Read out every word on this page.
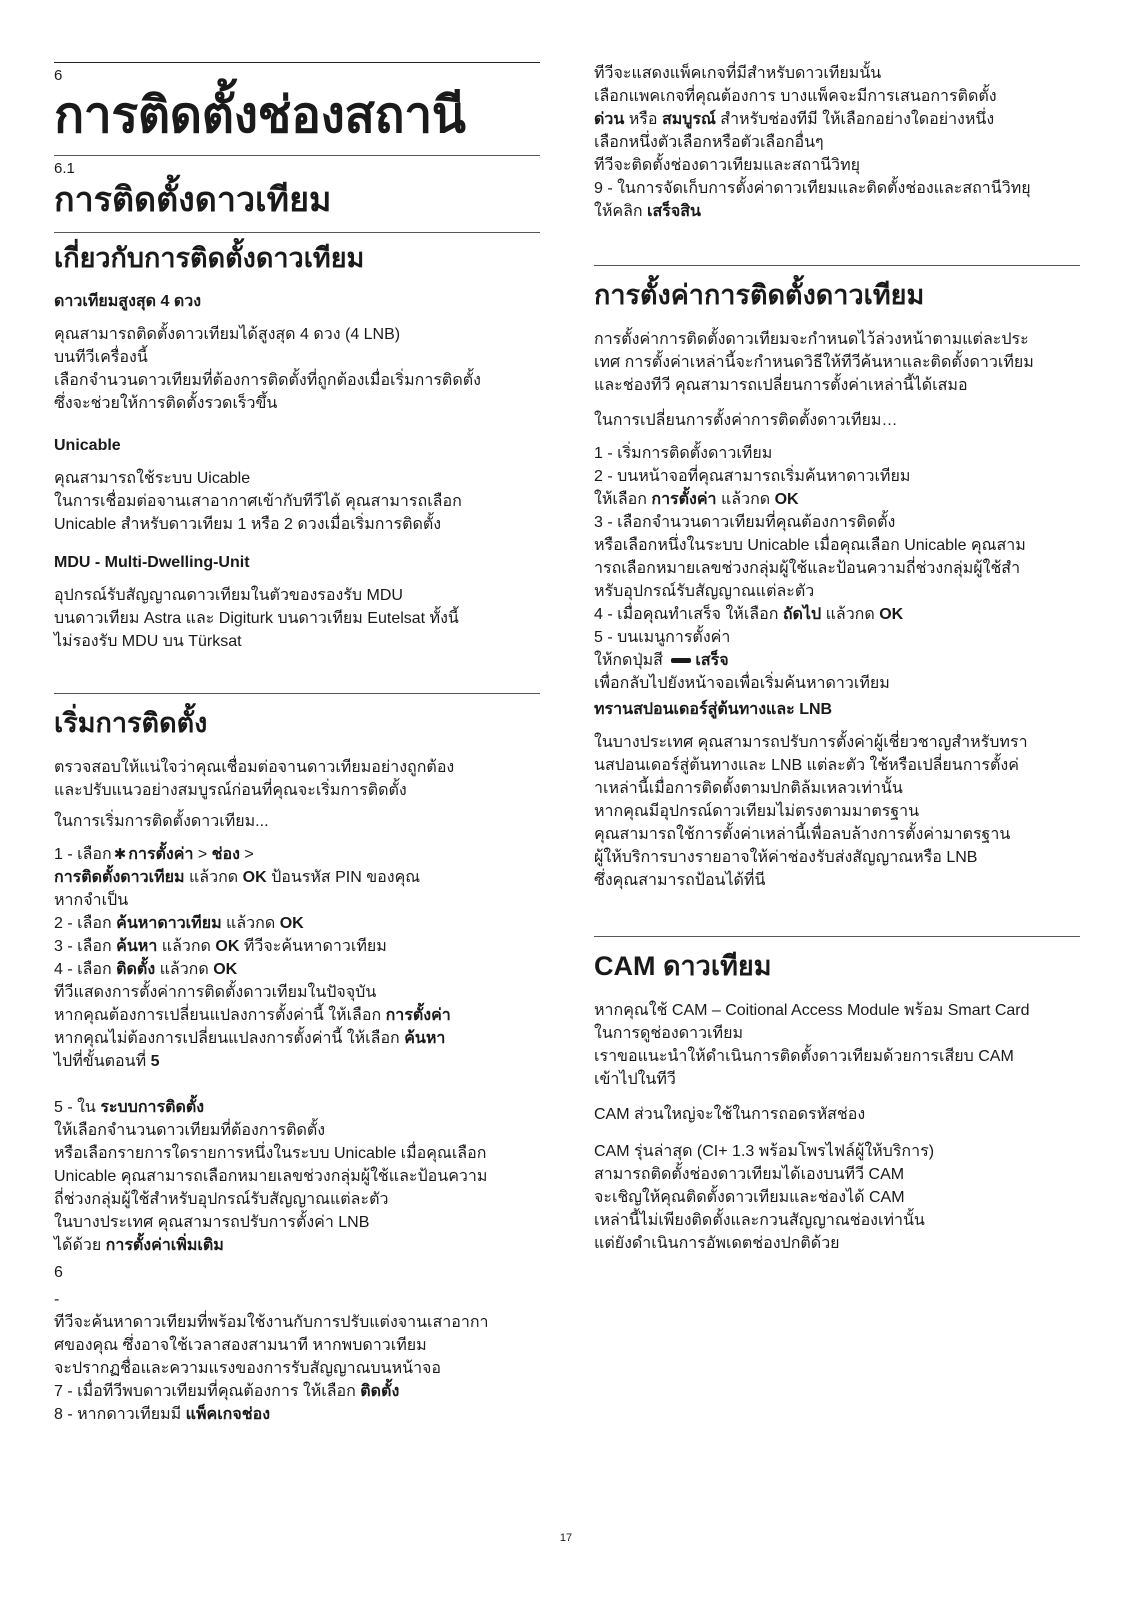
6
การติดตั้งช่องสถานี
6.1
การติดตั้งดาวเทียม
เกี่ยวกับการติดตั้งดาวเทียม
ดาวเทียมสูงสุด 4 ดวง
คุณสามารถติดตั้งดาวเทียมได้สูงสุด 4 ดวง (4 LNB)
บนทีวีเครื่องนี้
เลือกจำนวนดาวเทียมที่ต้องการติดตั้งที่ถูกต้องเมื่อเริ่มการติดตั้ง
ซึ่งจะช่วยให้การติดตั้งรวดเร็วขึ้น
Unicable
คุณสามารถใช้ระบบ Uicable
ในการเชื่อมต่อจานเสาอากาศเข้ากับทีวีได้ คุณสามารถเลือก
Unicable สำหรับดาวเทียม 1 หรือ 2 ดวงเมื่อเริ่มการติดตั้ง
MDU - Multi-Dwelling-Unit
อุปกรณ์รับสัญญาณดาวเทียมในตัวของรองรับ MDU
บนดาวเทียม Astra และ Digiturk บนดาวเทียม Eutelsat ทั้งนี้
ไม่รองรับ MDU บน Türksat
เริ่มการติดตั้ง
ตรวจสอบให้แน่ใจว่าคุณเชื่อมต่อจานดาวเทียมอย่างถูกต้อง
และปรับแนวอย่างสมบูรณ์ก่อนที่คุณจะเริ่มการติดตั้ง

ในการเริ่มการติดตั้งดาวเทียม...

1 - เลือก ✱ การตั้งค่า > ช่อง >
การติดตั้งดาวเทียม แล้วกด OK ป้อนรหัส PIN ของคุณ
หากจำเป็น
2 - เลือก ค้นหาดาวเทียม แล้วกด OK
3 - เลือก ค้นหา แล้วกด OK ทีวีจะค้นหาดาวเทียม
4 - เลือก ติดตั้ง แล้วกด OK
ทีวีแสดงการตั้งค่าการติดตั้งดาวเทียมในปัจจุบัน
หากคุณต้องการเปลี่ยนแปลงการตั้งค่านี้ ให้เลือก การตั้งค่า
หากคุณไม่ต้องการเปลี่ยนแปลงการตั้งค่านี้ ให้เลือก ค้นหา
ไปที่ขั้นตอนที่ 5
5 - ใน ระบบการติดตั้ง
ให้เลือกจำนวนดาวเทียมที่ต้องการติดตั้ง
หรือเลือกรายการใดรายการหนึ่งในระบบ Unicable เมื่อคุณเลือก
Unicable คุณสามารถเลือกหมายเลขช่วงกลุ่มผู้ใช้และป้อนความ
ถี่ช่วงกลุ่มผู้ใช้สำหรับอุปกรณ์รับสัญญาณแต่ละตัว
ในบางประเทศ คุณสามารถปรับการตั้งค่า LNB
ได้ด้วย การตั้งค่าเพิ่มเติม
6
-
ทีวีจะค้นหาดาวเทียมที่พร้อมใช้งานกับการปรับแต่งจานเสาอากา
ศของคุณ ซึ่งอาจใช้เวลาสองสามนาที หากพบดาวเทียม
จะปรากฏชื่อและความแรงของการรับสัญญาณบนหน้าจอ
7 - เมื่อทีวีพบดาวเทียมที่คุณต้องการ ให้เลือก ติดตั้ง
8 - หากดาวเทียมมี แพ็คเกจช่อง
ทีวีจะแสดงแพ็คเกจที่มีสำหรับดาวเทียมนั้น
เลือกแพคเกจที่คุณต้องการ บางแพ็คจะมีการเสนอการติดตั้ง
ด่วน หรือ สมบูรณ์ สำหรับช่องทีมี ให้เลือกอย่างใดอย่างหนึ่ง
เลือกหนึ่งตัวเลือกหรือตัวเลือกอื่นๆ
ทีวีจะติดตั้งช่องดาวเทียมและสถานีวิทยุ
9 - ในการจัดเก็บการตั้งค่าดาวเทียมและติดตั้งช่องและสถานีวิทยุ
ให้คลิก เสร็จสิน
การตั้งค่าการติดตั้งดาวเทียม
การตั้งค่าการติดตั้งดาวเทียมจะกำหนดไว้ล่วงหน้าตามแต่ละประ
เทศ การตั้งค่าเหล่านี้จะกำหนดวิธีให้ทีวีค้นหาและติดตั้งดาวเทียม
และช่องทีวี คุณสามารถเปลี่ยนการตั้งค่าเหล่านี้ได้เสมอ

ในการเปลี่ยนการตั้งค่าการติดตั้งดาวเทียม…

1 - เริ่มการติดตั้งดาวเทียม
2 - บนหน้าจอที่คุณสามารถเริ่มค้นหาดาวเทียม
ให้เลือก การตั้งค่า แล้วกด OK
3 - เลือกจำนวนดาวเทียมที่คุณต้องการติดตั้ง
หรือเลือกหนึ่งในระบบ Unicable เมื่อคุณเลือก Unicable คุณสาม
ารถเลือกหมายเลขช่วงกลุ่มผู้ใช้และป้อนความถี่ช่วงกลุ่มผู้ใช้สำ
หรับอุปกรณ์รับสัญญาณแต่ละตัว
4 - เมื่อคุณทำเสร็จ ให้เลือก ถัดไป แล้วกด OK
5 - บนเมนูการตั้งค่า
ให้กดปุ่มสี เสร็จ
เพื่อกลับไปยังหน้าจอเพื่อเริ่มค้นหาดาวเทียม
ทรานสปอนเดอร์สู่ต้นทางและ LNB
ในบางประเทศ คุณสามารถปรับการตั้งค่าผู้เชี่ยวชาญสำหรับทรา
นสปอนเดอร์สู่ต้นทางและ LNB แต่ละตัว ใช้หรือเปลี่ยนการตั้งค่
าเหล่านี้เมื่อการติดตั้งตามปกติล้มเหลวเท่านั้น
หากคุณมีอุปกรณ์ดาวเทียมไม่ตรงตามมาตรฐาน
คุณสามารถใช้การตั้งค่าเหล่านี้เพื่อลบล้างการตั้งค่ามาตรฐาน
ผู้ให้บริการบางรายอาจให้ค่าช่องรับส่งสัญญาณหรือ LNB
ซึ่งคุณสามารถป้อนได้ที่นี
CAM ดาวเทียม
หากคุณใช้ CAM – Coitional Access Module พร้อม Smart Card
ในการดูช่องดาวเทียม
เราขอแนะนำให้ดำเนินการติดตั้งดาวเทียมด้วยการเสียบ CAM
เข้าไปในทีวี

CAM ส่วนใหญ่จะใช้ในการถอดรหัสช่อง

CAM รุ่นล่าสุด (CI+ 1.3 พร้อมโพรไฟล์ผู้ให้บริการ)
สามารถติดตั้งช่องดาวเทียมได้เองบนทีวี CAM
จะเชิญให้คุณติดตั้งดาวเทียมและช่องได้ CAM
เหล่านี้ไม่เพียงติดตั้งและกวนสัญญาณช่องเท่านั้น
แต่ยังดำเนินการอัพเดตช่องปกติด้วย
17
